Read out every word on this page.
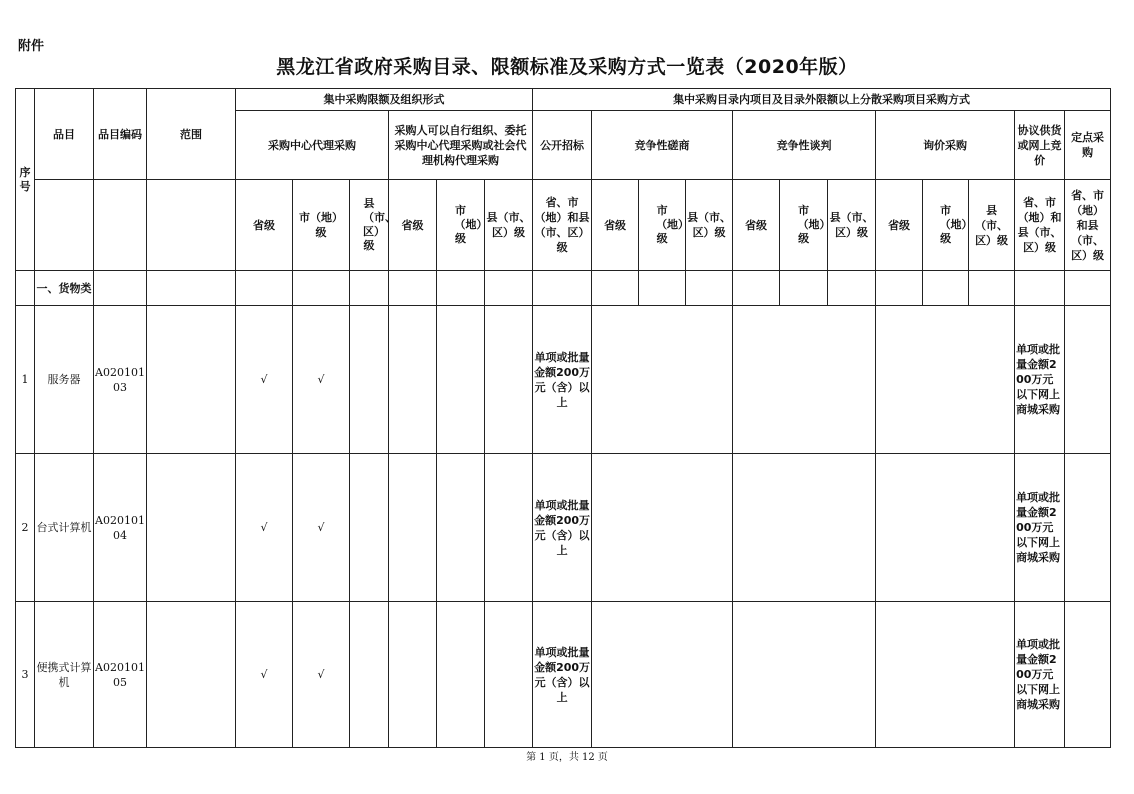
附件
黑龙江省政府采购目录、限额标准及采购方式一览表（2020年版）
序号	品目	品目编码	范围	集中采购限额及组织形式						集中采购目录内项目及目录外限额以上分散采购项目采购方式											
				采购中心代理采购			采购人可以自行组织、委托采购中心代理采购或社会代理机构代理采购			公开招标	竞争性磋商			竞争性谈判			询价采购			协议供货或网上竞价	定点采购
				省级	市（地）级	县（市、区）级	省级	市（地）级	县（市、区）级	省、市（地）和县（市、区）级	省级	市（地）级	县（市、区）级	省级	市（地）级	县（市、区）级	省级	市（地）级	县（市、区）级	省、市（地）和县（市、区）级	省、市（地）和县（市、区）级
	一、货物类																				
1	服务器	A02010103		√	√					单项或批量金额200万元（含）以上										单项或批量金额200万元以下网上商城采购	
2	台式计算机	A02010104		√	√					单项或批量金额200万元（含）以上										单项或批量金额200万元以下网上商城采购	
3	便携式计算机	A02010105		√	√					单项或批量金额200万元（含）以上										单项或批量金额200万元以下网上商城采购	
第 1 页，共 12 页
